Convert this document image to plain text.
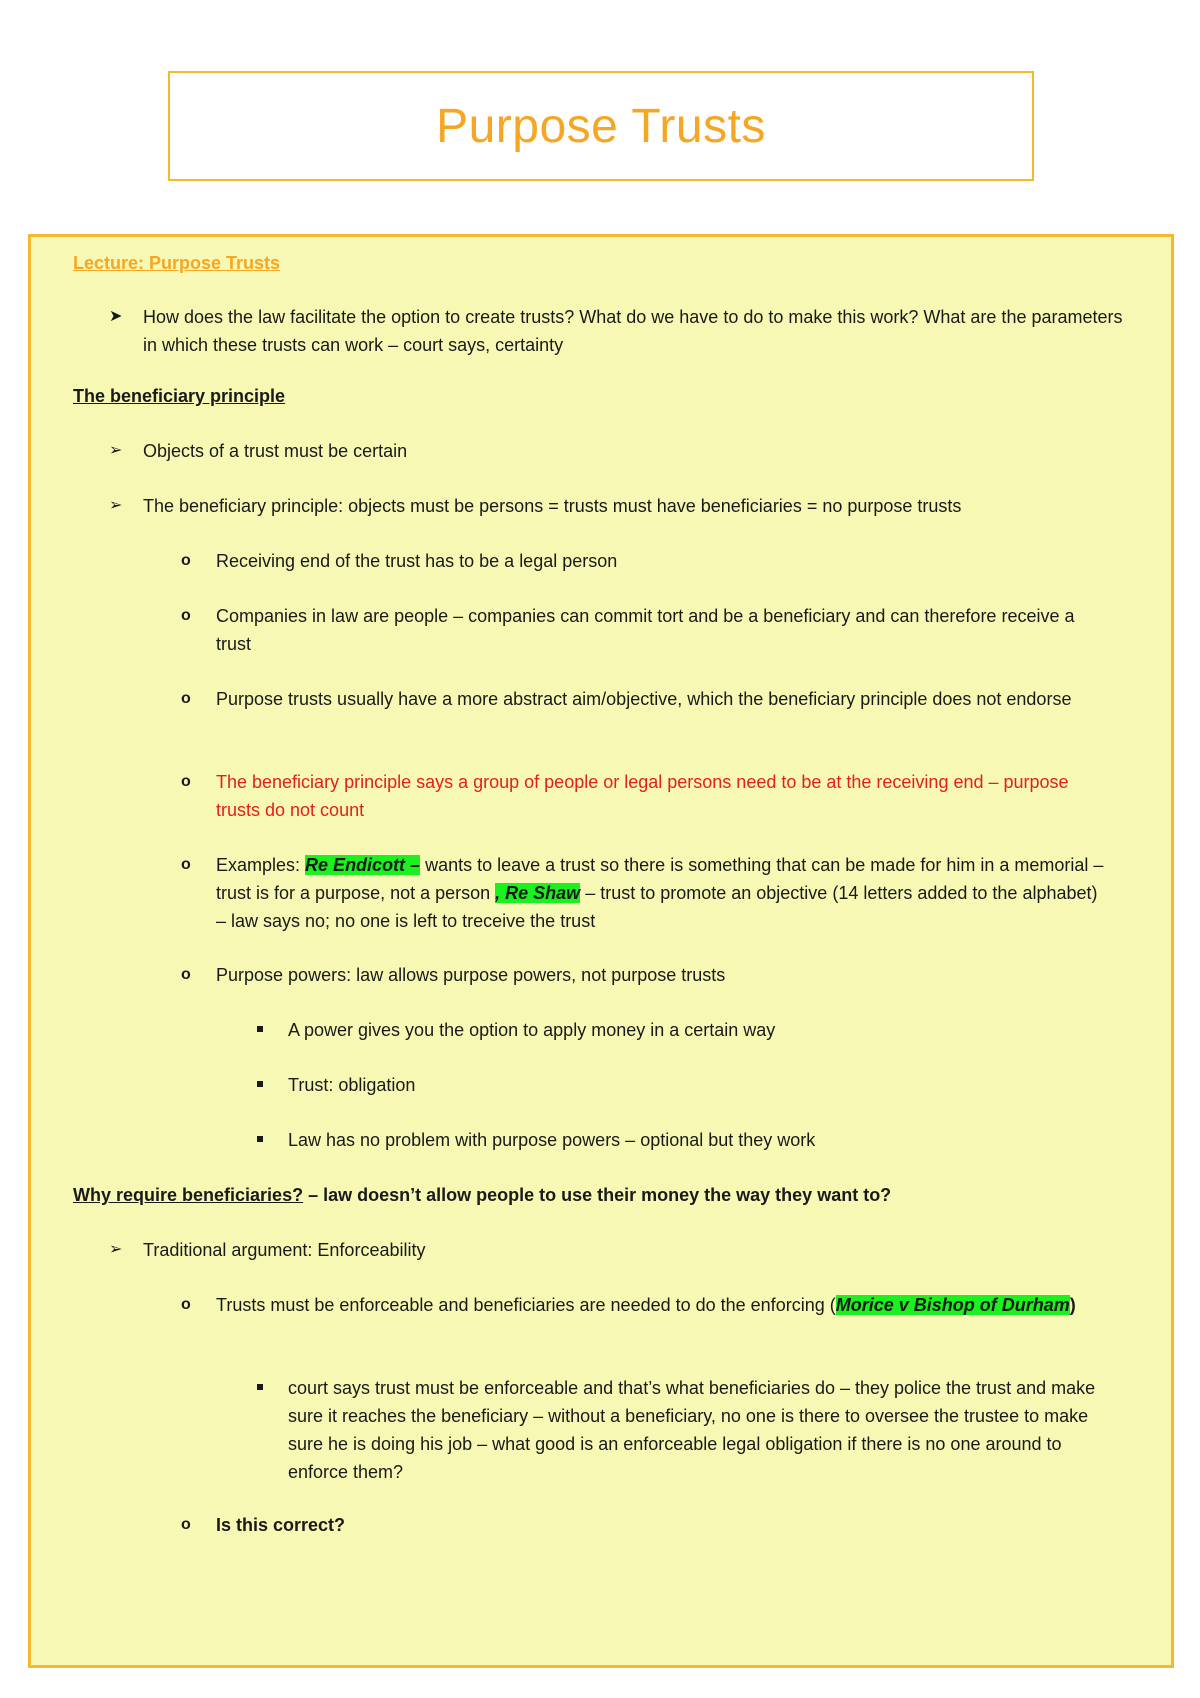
Purpose Trusts

Lecture: Purpose Trusts

➤ How does the law facilitate the option to create trusts? What do we have to do to make this work? What are the parameters in which these trusts can work – court says, certainty

The beneficiary principle

➢ Objects of a trust must be certain
➢ The beneficiary principle: objects must be persons = trusts must have beneficiaries = no purpose trusts
o Receiving end of the trust has to be a legal person
o Companies in law are people – companies can commit tort and be a beneficiary and can therefore receive a trust
o Purpose trusts usually have a more abstract aim/objective, which the beneficiary principle does not endorse
o The beneficiary principle says a group of people or legal persons need to be at the receiving end – purpose trusts do not count
o Examples: Re Endicott – wants to leave a trust so there is something that can be made for him in a memorial – trust is for a purpose, not a person , Re Shaw – trust to promote an objective (14 letters added to the alphabet) – law says no; no one is left to treceive the trust
o Purpose powers: law allows purpose powers, not purpose trusts
A power gives you the option to apply money in a certain way
Trust: obligation
Law has no problem with purpose powers – optional but they work

Why require beneficiaries? – law doesn’t allow people to use their money the way they want to?

➢ Traditional argument: Enforceability
o Trusts must be enforceable and beneficiaries are needed to do the enforcing (Morice v Bishop of Durham)
court says trust must be enforceable and that’s what beneficiaries do – they police the trust and make sure it reaches the beneficiary – without a beneficiary, no one is there to oversee the trustee to make sure he is doing his job – what good is an enforceable legal obligation if there is no one around to enforce them?
o Is this correct?
